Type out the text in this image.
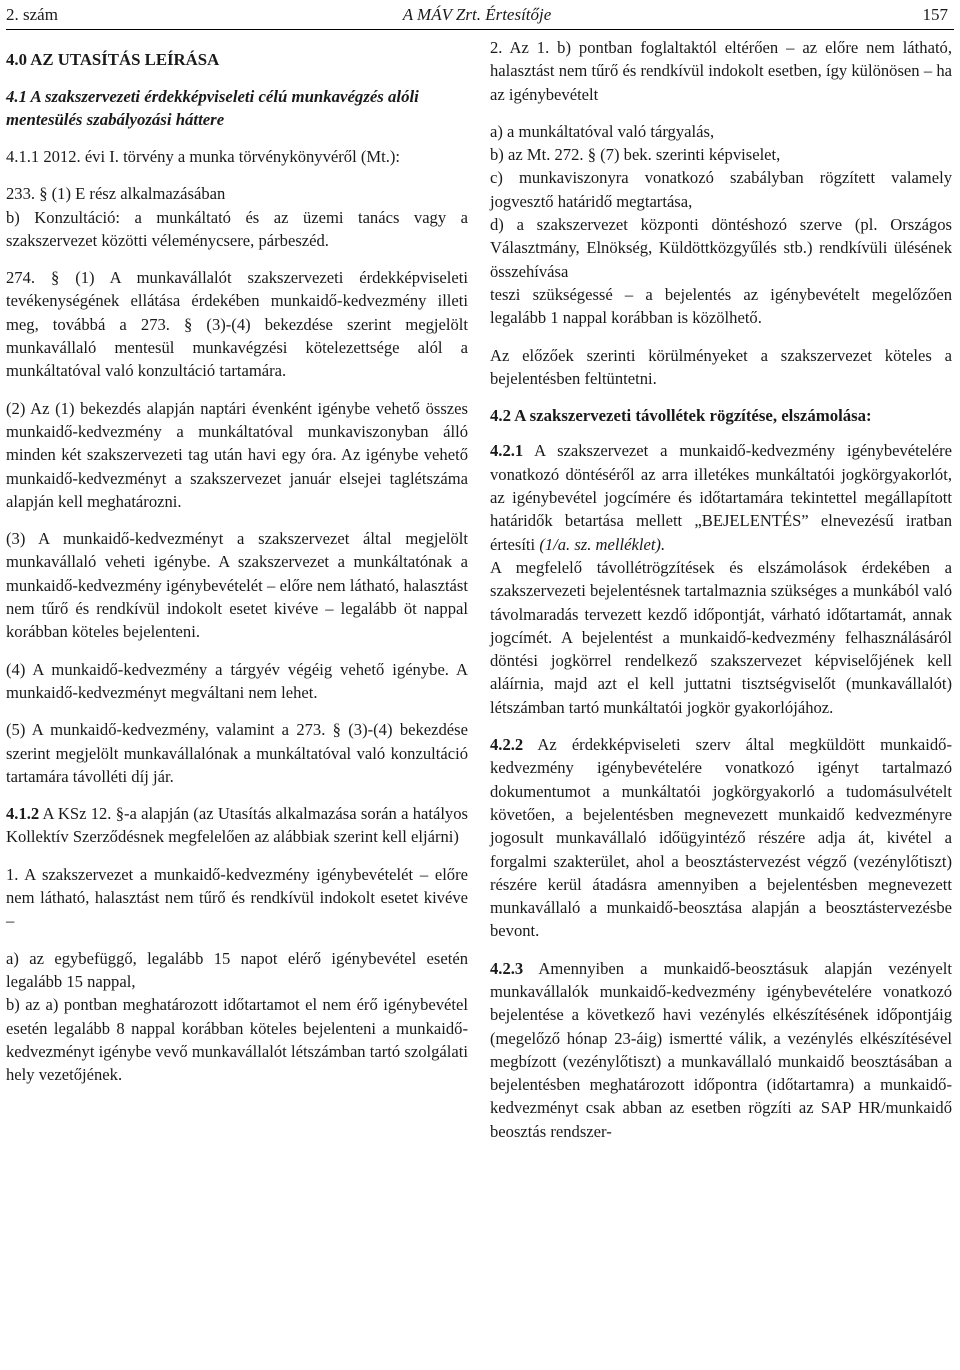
2. szám	A MÁV Zrt. Értesítője	157
4.0 AZ UTASÍTÁS LEÍRÁSA
4.1 A szakszervezeti érdekképviseleti célú munkavégzés alóli mentesülés szabályozási háttere

4.1.1 2012. évi I. törvény a munka törvénykönyvéről (Mt.):

233. § (1) E rész alkalmazásában

b) Konzultáció: a munkáltató és az üzemi tanács vagy a szakszervezet közötti véleménycsere, párbeszéd.

274. § (1) A munkavállalót szakszervezeti érdekképviseleti tevékenységének ellátása érdekében munkaidő-kedvezmény illeti meg, továbbá a 273. § (3)-(4) bekezdése szerint megjelölt munkavállaló mentesül munkavégzési kötelezettsége alól a munkáltatóval való konzultáció tartamára.

(2) Az (1) bekezdés alapján naptári évenként igénybe vehető összes munkaidő-kedvezmény a munkáltatóval munkaviszonyban álló minden két szakszervezeti tag után havi egy óra. Az igénybe vehető munkaidő-kedvezményt a szakszervezet január elsejei taglétszáma alapján kell meghatározni.

(3) A munkaidő-kedvezményt a szakszervezet által megjelölt munkavállaló veheti igénybe. A szakszervezet a munkáltatónak a munkaidő-kedvezmény igénybevételét – előre nem látható, halasztást nem tűrő és rendkívül indokolt esetet kivéve – legalább öt nappal korábban köteles bejelenteni.

(4) A munkaidő-kedvezmény a tárgyév végéig vehető igénybe. A munkaidő-kedvezményt megváltani nem lehet.

(5) A munkaidő-kedvezmény, valamint a 273. § (3)-(4) bekezdése szerint megjelölt munkavállalónak a munkáltatóval való konzultáció tartamára távolléti díj jár.

4.1.2 A KSz 12. §-a alapján (az Utasítás alkalmazása során a hatályos Kollektív Szerződésnek megfelelően az alábbiak szerint kell eljárni)

1. A szakszervezet a munkaidő-kedvezmény igénybevételét – előre nem látható, halasztást nem tűrő és rendkívül indokolt esetet kivéve –

a) az egybefüggő, legalább 15 napot elérő igénybevétel esetén legalább 15 nappal,

b) az a) pontban meghatározott időtartamot el nem érő igénybevétel esetén legalább 8 nappal korábban köteles bejelenteni a munkaidő-kedvezményt igénybe vevő munkavállalót létszámban tartó szolgálati hely vezetőjének.

2. Az 1. b) pontban foglaltaktól eltérően – az előre nem látható, halasztást nem tűrő és rendkívül indokolt esetben, így különösen – ha az igénybevételt

a) a munkáltatóval való tárgyalás,

b) az Mt. 272. § (7) bek. szerinti képviselet,

c) munkaviszonyra vonatkozó szabályban rögzített valamely jogvesztő határidő megtartása,

d) a szakszervezet központi döntéshozó szerve (pl. Országos Választmány, Elnökség, Küldöttközgyűlés stb.) rendkívüli ülésének összehívása

teszi szükségessé – a bejelentés az igénybevételt megelőzően legalább 1 nappal korábban is közölhető.

Az előzőek szerinti körülményeket a szakszervezet köteles a bejelentésben feltüntetni.

4.2 A szakszervezeti távollétek rögzítése, elszámolása:

4.2.1 A szakszervezet a munkaidő-kedvezmény igénybevételére vonatkozó döntéséről az arra illetékes munkáltatói jogkörgyakorlót, az igénybevétel jogcímére és időtartamára tekintettel megállapított határidők betartása mellett „BEJELENTÉS” elnevezésű iratban értesíti (1/a. sz. melléklet).

A megfelelő távollétrögzítések és elszámolások érdekében a szakszervezeti bejelentésnek tartalmaznia szükséges a munkából való távolmaradás tervezett kezdő időpontját, várható időtartamát, annak jogcímét. A bejelentést a munkaidő-kedvezmény felhasználásáról döntési jogkörrel rendelkező szakszervezet képviselőjének kell aláírnia, majd azt el kell juttatni tisztségviselőt (munkavállalót) létszámban tartó munkáltatói jogkör gyakorlójához.

4.2.2 Az érdekképviseleti szerv által megküldött munkaidő-kedvezmény igénybevételére vonatkozó igényt tartalmazó dokumentumot a munkáltatói jogkörgyakorló a tudomásulvételt követően, a bejelentésben megnevezett munkaidő kedvezményre jogosult munkavállaló időügyintéző részére adja át, kivétel a forgalmi szakterület, ahol a beosztástervezést végző (vezénylőtiszt) részére kerül átadásra amennyiben a bejelentésben megnevezett munkavállaló a munkaidő-beosztása alapján a beosztástervezésbe bevont.

4.2.3 Amennyiben a munkaidő-beosztásuk alapján vezényelt munkavállalók munkaidő-kedvezmény igénybevételére vonatkozó bejelentése a következő havi vezénylés elkészítésének időpontjáig (megelőző hónap 23-áig) ismertté válik, a vezénylés elkészítésével megbízott (vezénylőtiszt) a munkavállaló munkaidő beosztásában a bejelentésben meghatározott időpontra (időtartamra) a munkaidő-kedvezményt csak abban az esetben rögzíti az SAP HR/munkaidő beosztás rendszer-
